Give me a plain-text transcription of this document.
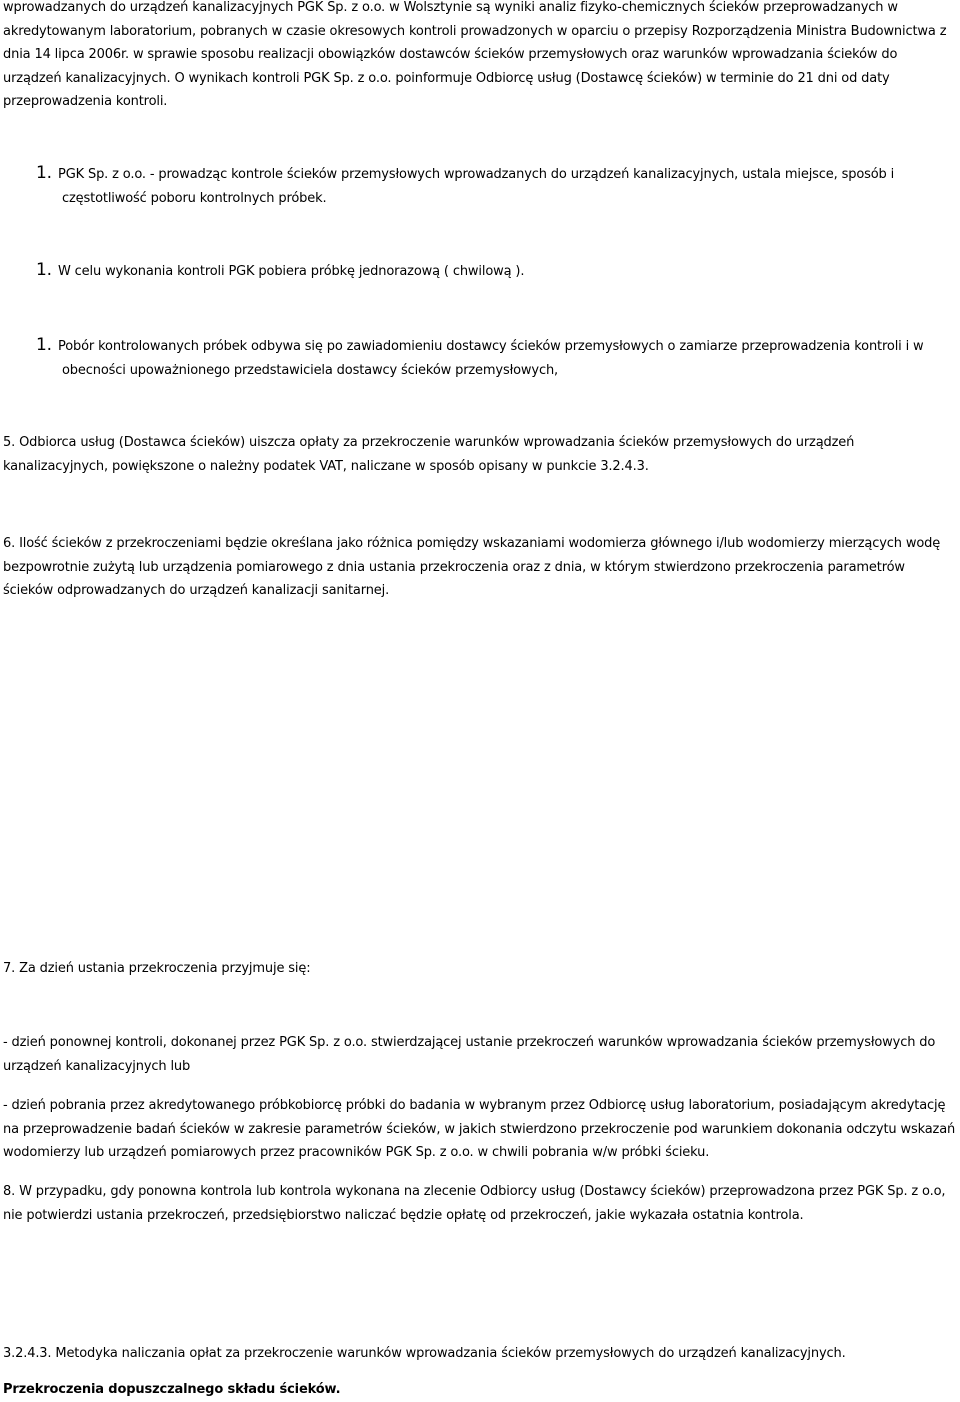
wprowadzanych do urządzeń kanalizacyjnych PGK Sp. z o.o. w Wolsztynie są wyniki analiz fizyko-chemicznych ścieków przeprowadzanych w akredytowanym laboratorium, pobranych w czasie okresowych kontroli prowadzonych w oparciu o przepisy Rozporządzenia Ministra Budownictwa z dnia 14 lipca 2006r. w sprawie sposobu realizacji obowiązków dostawców ścieków przemysłowych oraz warunków wprowadzania ścieków do urządzeń kanalizacyjnych. O wynikach kontroli PGK Sp. z o.o. poinformuje Odbiorcę usług (Dostawcę ścieków) w terminie do 21 dni od daty przeprowadzenia kontroli.
1. PGK Sp. z o.o. - prowadząc kontrole ścieków przemysłowych wprowadzanych do urządzeń kanalizacyjnych, ustala miejsce, sposób i częstotliwość poboru kontrolnych próbek.
1. W celu wykonania kontroli PGK pobiera próbkę jednorazową ( chwilową ).
1. Pobór kontrolowanych próbek odbywa się po zawiadomieniu dostawcy ścieków przemysłowych o zamiarze przeprowadzenia kontroli i w obecności upoważnionego przedstawiciela dostawcy ścieków przemysłowych,
5. Odbiorca usług (Dostawca ścieków) uiszcza opłaty za przekroczenie warunków wprowadzania ścieków przemysłowych do urządzeń kanalizacyjnych, powiększone o należny podatek VAT, naliczane w sposób opisany w punkcie 3.2.4.3.
6. Ilość ścieków z przekroczeniami będzie określana jako różnica pomiędzy wskazaniami wodomierza głównego i/lub wodomierzy mierzących wodę bezpowrotnie zużytą lub urządzenia pomiarowego z dnia ustania przekroczenia oraz z dnia, w którym stwierdzono przekroczenia parametrów ścieków odprowadzanych do urządzeń kanalizacji sanitarnej.
7. Za dzień ustania przekroczenia przyjmuje się:
- dzień ponownej kontroli, dokonanej przez PGK Sp. z o.o. stwierdzającej ustanie przekroczeń warunków wprowadzania ścieków przemysłowych do urządzeń kanalizacyjnych lub
- dzień pobrania przez akredytowanego próbkobiorcę próbki do badania w wybranym przez Odbiorcę usług laboratorium, posiadającym akredytację na przeprowadzenie badań ścieków w zakresie parametrów ścieków, w jakich stwierdzono przekroczenie pod warunkiem dokonania odczytu wskazań wodomierzy lub urządzeń pomiarowych przez pracowników PGK Sp. z o.o. w chwili pobrania w/w próbki ścieku.
8. W przypadku, gdy ponowna kontrola lub kontrola wykonana na zlecenie Odbiorcy usług (Dostawcy ścieków) przeprowadzona przez PGK Sp. z o.o, nie potwierdzi ustania przekroczeń, przedsiębiorstwo naliczać będzie opłatę od przekroczeń, jakie wykazała ostatnia kontrola.
3.2.4.3. Metodyka naliczania opłat za przekroczenie warunków wprowadzania ścieków przemysłowych do urządzeń kanalizacyjnych.
Przekroczenia dopuszczalnego składu ścieków.
